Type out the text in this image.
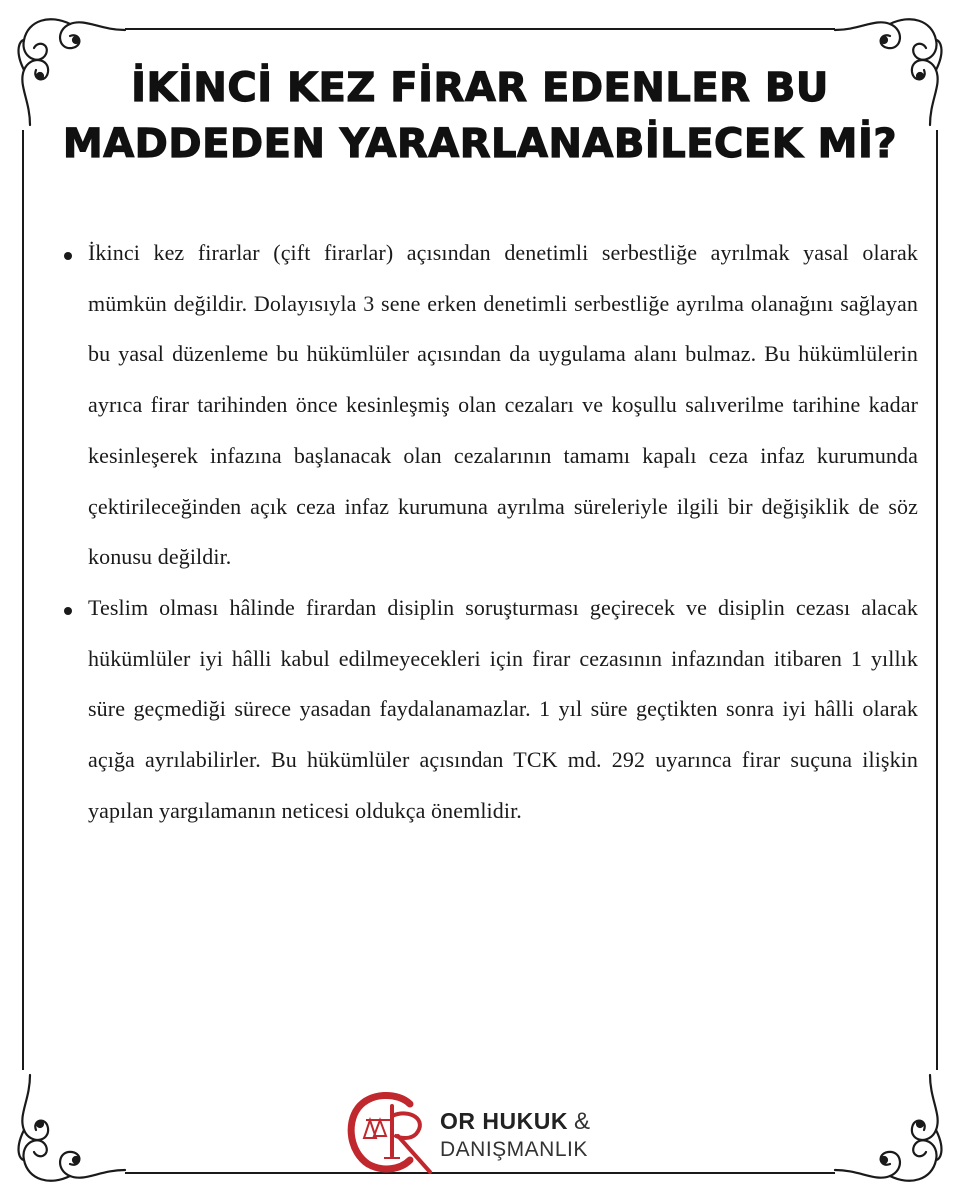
İKİNCİ KEZ FİRAR EDENLER BU
MADDEDEN YARARLANABİLECEK Mİ?
İkinci kez firarlar (çift firarlar) açısından denetimli serbestliğe ayrılmak yasal olarak mümkün değildir. Dolayısıyla 3 sene erken denetimli serbestliğe ayrılma olanağını sağlayan bu yasal düzenleme bu hükümlüler açısından da uygulama alanı bulmaz. Bu hükümlülerin ayrıca firar tarihinden önce kesinleşmiş olan cezaları ve koşullu salıverilme tarihine kadar kesinleşerek infazına başlanacak olan cezalarının tamamı kapalı ceza infaz kurumunda çektirileceğinden açık ceza infaz kurumuna ayrılma süreleriyle ilgili bir değişiklik de söz konusu değildir.
Teslim olması hâlinde firardan disiplin soruşturması geçirecek ve disiplin cezası alacak hükümlüler iyi hâlli kabul edilmeyecekleri için firar cezasının infazından itibaren 1 yıllık süre geçmediği sürece yasadan faydalanamazlar. 1 yıl süre geçtikten sonra iyi hâlli olarak açığa ayrılabilirler. Bu hükümlüler açısından TCK md. 292 uyarınca firar suçuna ilişkin yapılan yargılamanın neticesi oldukça önemlidir.
OR HUKUK &
DANIŞMANLIK
